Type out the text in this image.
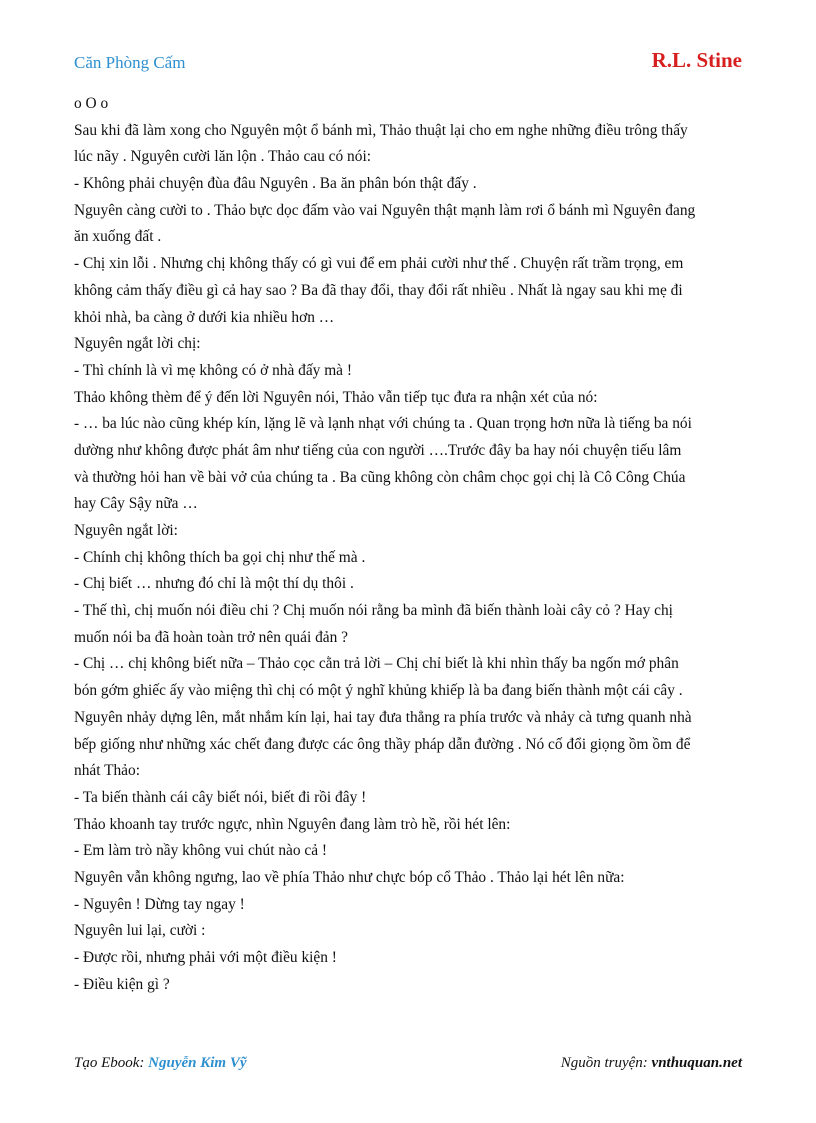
Căn Phòng Cấm	R.L. Stine
o O o
Sau khi đã làm xong cho Nguyên một ổ bánh mì, Thảo thuật lại cho em nghe những điều trông thấy
lúc nãy . Nguyên cười lăn lộn . Thảo cau có nói:
- Không phải chuyện đùa đâu Nguyên . Ba ăn phân bón thật đấy .
Nguyên càng cười to . Thảo bực dọc đấm vào vai Nguyên thật mạnh làm rơi ổ bánh mì Nguyên đang
ăn xuống đất .
- Chị xin lỗi . Nhưng chị không thấy có gì vui để em phải cười như thế . Chuyện rất trầm trọng, em
không cảm thấy điều gì cả hay sao ? Ba đã thay đổi, thay đổi rất nhiều . Nhất là ngay sau khi mẹ đi
khỏi nhà, ba càng ở dưới kia nhiều hơn …
Nguyên ngắt lời chị:
- Thì chính là vì mẹ không có ở nhà đấy mà !
Thảo không thèm để ý đến lời Nguyên nói, Thảo vẫn tiếp tục đưa ra nhận xét của nó:
- … ba lúc nào cũng khép kín, lặng lẽ và lạnh nhạt với chúng ta . Quan trọng hơn nữa là tiếng ba nói
dường như không được phát âm như tiếng của con người ….Trước đây ba hay nói chuyện tiếu lâm
và thường hỏi han về bài vở của chúng ta . Ba cũng không còn châm chọc gọi chị là Cô Công Chúa
hay Cây Sậy nữa …
Nguyên ngắt lời:
- Chính chị không thích ba gọi chị như thế mà .
- Chị biết … nhưng đó chỉ là một thí dụ thôi .
- Thế thì, chị muốn nói điều chi ? Chị muốn nói rằng ba mình đã biến thành loài cây cỏ ? Hay chị
muốn nói ba đã hoàn toàn trở nên quái đản ?
- Chị … chị không biết nữa – Thảo cọc cằn trả lời – Chị chỉ biết là khi nhìn thấy ba ngốn mớ phân
bón gớm ghiếc ấy vào miệng thì chị có một ý nghĩ khủng khiếp là ba đang biến thành một cái cây .
Nguyên nhảy dựng lên, mắt nhắm kín lại, hai tay đưa thẳng ra phía trước và nhảy cà tưng quanh nhà
bếp giống như những xác chết đang được các ông thầy pháp dẫn đường . Nó cố đổi giọng ồm ồm để
nhát Thảo:
- Ta biến thành cái cây biết nói, biết đi rồi đây !
Thảo khoanh tay trước ngực, nhìn Nguyên đang làm trò hề, rồi hét lên:
- Em làm trò nầy không vui chút nào cả !
Nguyên vẫn không ngưng, lao về phía Thảo như chực bóp cổ Thảo . Thảo lại hét lên nữa:
- Nguyên ! Dừng tay ngay !
Nguyên lui lại, cười :
- Được rồi, nhưng phải với một điều kiện !
- Điều kiện gì ?
Tạo Ebook: Nguyễn Kim Vỹ	Nguồn truyện: vnthuquan.net
